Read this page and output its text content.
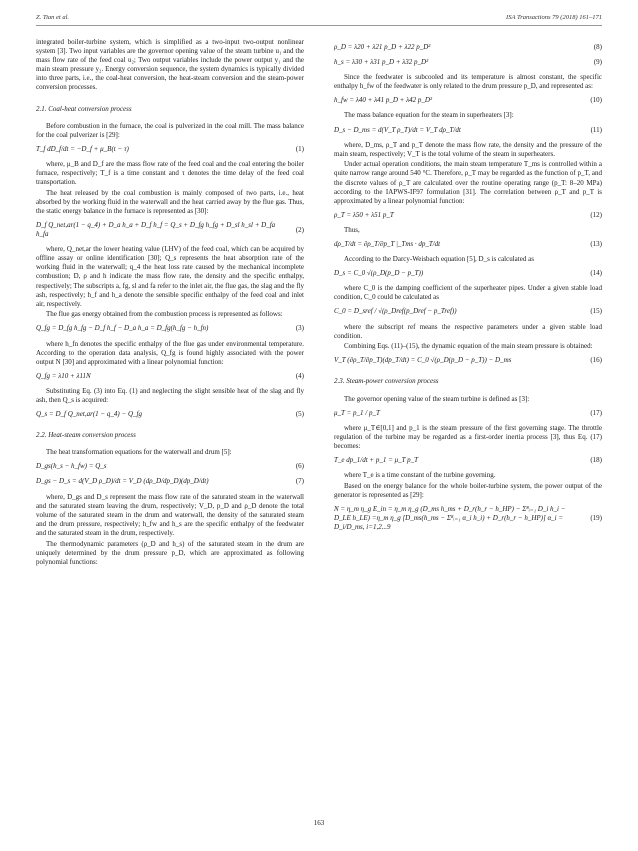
Z. Tian et al.	ISA Transactions 79 (2018) 161–171

integrated boiler-turbine system, which is simplified as a two-input two-output nonlinear system [3]. Two input variables are the governor opening value of the steam turbine u₁ and the mass flow rate of the feed coal u₂; Two output variables include the power output y₁ and the main steam pressure y₂. Energy conversion sequence, the system dynamics is typically divided into three parts, i.e., the coal-heat conversion, the heat-steam conversion and the steam-power conversion processes.

2.1. Coal-heat conversion process

Before combustion in the furnace, the coal is pulverized in the coal mill. The mass balance for the coal pulverizer is [29]:

T_f dD_f/dt = −D_f + μ_B(t − τ)	(1)

where, μ_B and D_f are the mass flow rate of the feed coal and the coal entering the boiler furnace, respectively; T_f is a time constant and τ denotes the time delay of the feed coal transportation.

The heat released by the coal combustion is mainly composed of two parts, i.e., heat absorbed by the working fluid in the waterwall and the heat carried away by the flue gas. Thus, the static energy balance in the furnace is represented as [30]:

D_f Q_net,ar(1 − q_4) + D_a h_a + D_f h_f = Q_s + D_fg h_fg + D_sl h_sl + D_fa h_fa
(2)

where, Q_net,ar the lower heating value (LHV) of the feed coal, which can be acquired by offline assay or online identification [30]; Q_s represents the heat absorption rate of the working fluid in the waterwall; q_4 the heat loss rate caused by the mechanical incomplete combustion; D, ρ and h indicate the mass flow rate, the density and the specific enthalpy, respectively; The subscripts a, fg, sl and fa refer to the inlet air, the flue gas, the slag and the fly ash, respectively; h_f and h_a denote the sensible specific enthalpy of the feed coal and inlet air, respectively.

The flue gas energy obtained from the combustion process is represented as follows:

Q_fg = D_fg h_fg − D_f h_f − D_a h_a = D_fg(h_fg − h_fn)	(3)

where h_fn denotes the specific enthalpy of the flue gas under environmental temperature. According to the operation data analysis, Q_fg is found highly associated with the power output N [30] and approximated with a linear polynomial function:

Q_fg = λ10 + λ11N	(4)

Substituting Eq. (3) into Eq. (1) and neglecting the slight sensible heat of the slag and fly ash, then Q_s is acquired:

Q_s = D_f Q_net,ar(1 − q_4) − Q_fg	(5)
2.2. Heat-steam conversion process

The heat transformation equations for the waterwall and drum [5]:

D_gs(h_s − h_fw) = Q_s	(6)
D_gs − D_s = d(V_D ρ_D)/dt = V_D (dρ_D/dp_D)(dp_D/dt)	(7)

where, D_gs and D_s represent the mass flow rate of the saturated steam in the waterwall and the saturated steam leaving the drum, respectively; V_D, p_D and ρ_D denote the total volume of the saturated steam in the drum and waterwall, the density of the saturated steam and the drum pressure, respectively; h_fw and h_s are the specific enthalpy of the feedwater and the saturated steam in the drum, respectively.

The thermodynamic parameters (ρ_D and h_s) of the saturated steam in the drum are uniquely determined by the drum pressure p_D, which are approximated as following polynomial functions:

ρ_D = λ20 + λ21 p_D + λ22 p_D²	(8)
h_s = λ30 + λ31 p_D + λ32 p_D²	(9)

Since the feedwater is subcooled and its temperature is almost constant, the specific enthalpy h_fw of the feedwater is only related to the drum pressure p_D, and represented as:

h_fw = λ40 + λ41 p_D + λ42 p_D²	(10)

The mass balance equation for the steam in superheaters [3]:

D_s − D_ms = d(V_T ρ_T)/dt = V_T dρ_T/dt	(11)

where, D_ms, ρ_T and p_T denote the mass flow rate, the density and the pressure of the main steam, respectively; V_T is the total volume of the steam in superheaters.

Under actual operation conditions, the main steam temperature T_ms is controlled within a quite narrow range around 540 °C. Therefore, ρ_T may be regarded as the function of p_T, and the discrete values of ρ_T are calculated over the routine operating range (p_T: 8–20 MPa) according to the IAPWS-IF97 formulation [31]. The correlation between ρ_T and p_T is approximated by a linear polynomial function:

ρ_T = λ50 + λ51 p_T	(12)

Thus,

dρ_T/dt = ∂ρ_T/∂p_T |_Tms · dp_T/dt	(13)

According to the Darcy-Weisbach equation [5], D_s is calculated as

D_s = C_0 √(ρ_D(p_D − p_T))	(14)

where C_0 is the damping coefficient of the superheater pipes. Under a given stable load condition, C_0 could be calculated as

C_0 = D_sref / √(ρ_Dref(p_Dref − p_Tref))	(15)

where the subscript ref means the respective parameters under a given stable load condition.

Combining Eqs. (11)–(15), the dynamic equation of the main steam pressure is obtained:

V_T (∂ρ_T/∂p_T)(dp_T/dt) = C_0 √(ρ_D(p_D − p_T)) − D_ms	(16)
2.3. Steam-power conversion process

The governor opening value of the steam turbine is defined as [3]:

μ_T = p_1 / p_T	(17)

where μ_T∈[0,1] and p_1 is the steam pressure of the first governing stage. The throttle regulation of the turbine may be regarded as a first-order inertia process [3], thus Eq. (17) becomes:

T_e dp_1/dt + p_1 = μ_T p_T	(18)

where T_e is a time constant of the turbine governing.

Based on the energy balance for the whole boiler-turbine system, the power output of the generator is represented as [29]:

N = η_m η_g E_in = η_m η_g (D_ms h_ms + D_r(h_r − h_HP) − Σ⁸ᵢ₌₁ D_i h_i − D_LE h_LE) =η_m η_g [D_ms(h_ms − Σ⁸ᵢ₌₁ α_i h_i) + D_r(h_r − h_HP)] α_i = D_i/D_ms, i=1,2...9
(19)
163
